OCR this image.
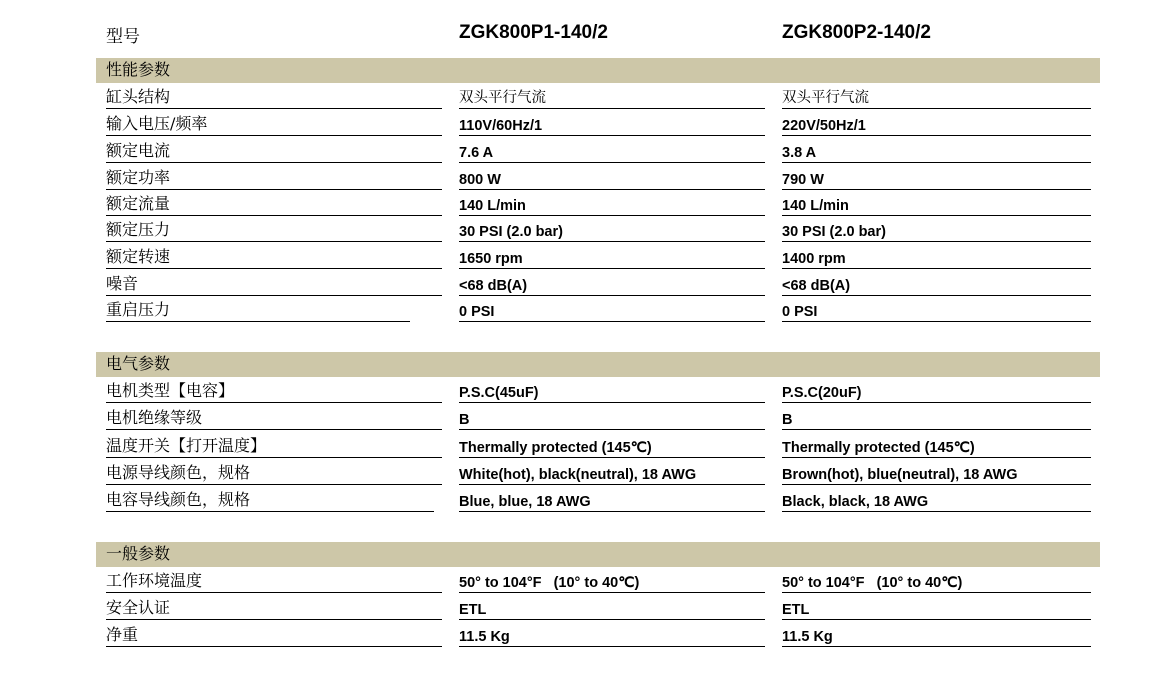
型号	ZGK800P1-140/2	ZGK800P2-140/2
性能参数
缸头结构	双头平行气流	双头平行气流
输入电压/频率	110V/60Hz/1	220V/50Hz/1
额定电流	7.6 A	3.8 A
额定功率	800 W	790 W
额定流量	140 L/min	140 L/min
额定压力	30 PSI (2.0 bar)	30 PSI (2.0 bar)
额定转速	1650 rpm	1400 rpm
噪音	<68 dB(A)	<68 dB(A)
重启压力	0 PSI	0 PSI
电气参数
电机类型【电容】	P.S.C(45uF)	P.S.C(20uF)
电机绝缘等级	B	B
温度开关【打开温度】	Thermally protected (145℃)	Thermally protected (145℃)
电源导线颜色，规格	White(hot), black(neutral), 18 AWG	Brown(hot), blue(neutral), 18 AWG
电容导线颜色，规格	Blue, blue, 18 AWG	Black, black, 18 AWG
一般参数
工作环境温度	50° to 104°F   (10° to 40℃)	50° to 104°F   (10° to 40℃)
安全认证	ETL	ETL
净重	11.5 Kg	11.5 Kg
